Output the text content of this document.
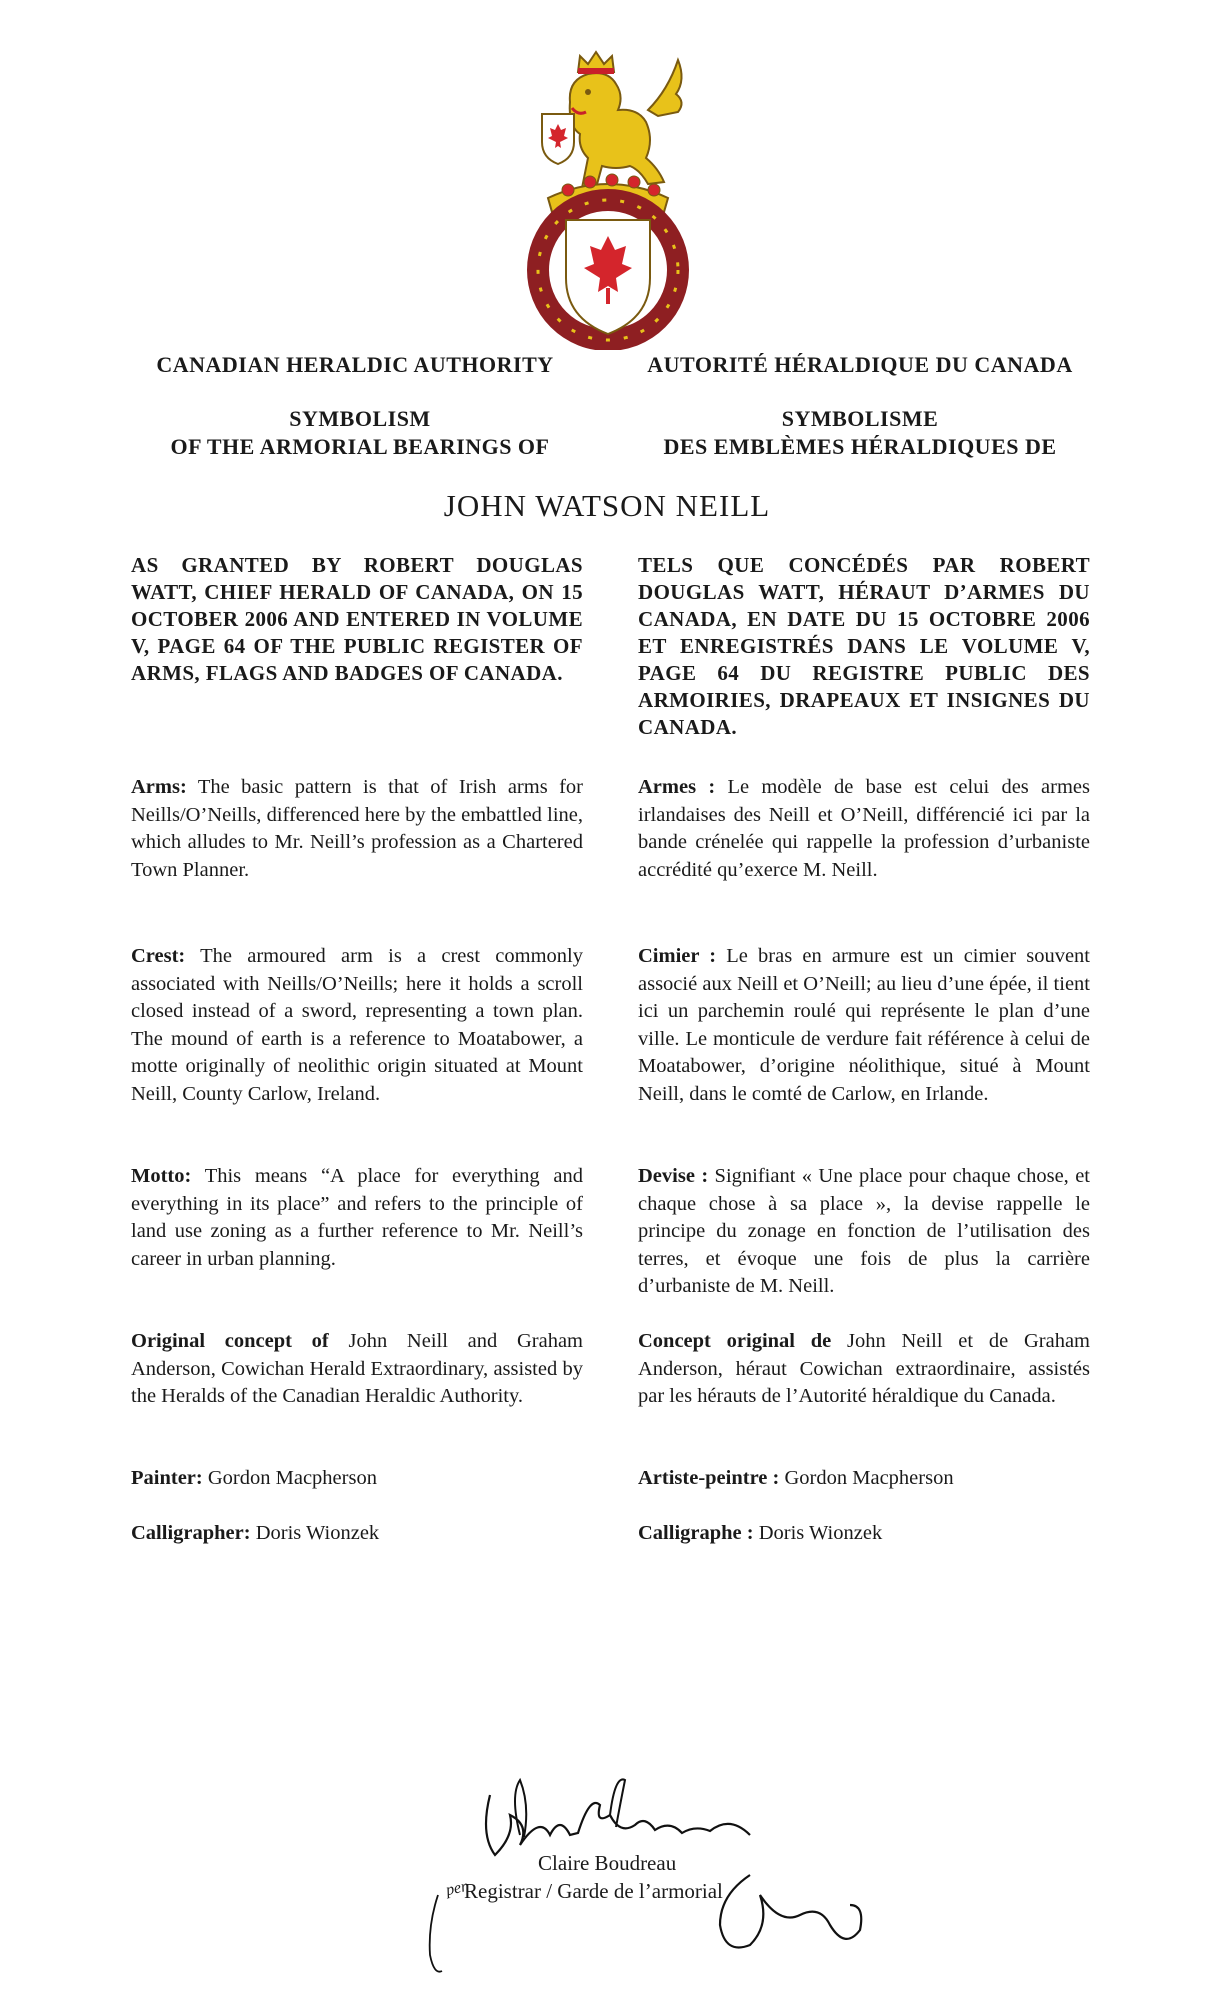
CANADIAN HERALDIC AUTHORITY	AUTORITÉ HÉRALDIQUE DU CANADA
SYMBOLISM
OF THE ARMORIAL BEARINGS OF
SYMBOLISME
DES EMBLÈMES HÉRALDIQUES DE
JOHN WATSON NEILL

AS GRANTED BY ROBERT DOUGLAS WATT, CHIEF HERALD OF CANADA, ON 15 OCTOBER 2006 AND ENTERED IN VOLUME V, PAGE 64 OF THE PUBLIC REGISTER OF ARMS, FLAGS AND BADGES OF CANADA.

Arms: The basic pattern is that of Irish arms for Neills/O’Neills, differenced here by the embattled line, which alludes to Mr. Neill’s profession as a Chartered Town Planner.

Crest: The armoured arm is a crest commonly associated with Neills/O’Neills; here it holds a scroll closed instead of a sword, representing a town plan. The mound of earth is a reference to Moatabower, a motte originally of neolithic origin situated at Mount Neill, County Carlow, Ireland.

Motto: This means “A place for everything and everything in its place” and refers to the principle of land use zoning as a further reference to Mr. Neill’s career in urban planning.

Original concept of John Neill and Graham Anderson, Cowichan Herald Extraordinary, assisted by the Heralds of the Canadian Heraldic Authority.

Painter: Gordon Macpherson

Calligrapher: Doris Wionzek

TELS QUE CONCÉDÉS PAR ROBERT DOUGLAS WATT, HÉRAUT D’ARMES DU CANADA, EN DATE DU 15 OCTOBRE 2006 ET ENREGISTRÉS DANS LE VOLUME V, PAGE 64 DU REGISTRE PUBLIC DES ARMOIRIES, DRAPEAUX ET INSIGNES DU CANADA.

Armes : Le modèle de base est celui des armes irlandaises des Neill et O’Neill, différencié ici par la bande crénelée qui rappelle la profession d’urbaniste accrédité qu’exerce M. Neill.

Cimier : Le bras en armure est un cimier souvent associé aux Neill et O’Neill; au lieu d’une épée, il tient ici un parchemin roulé qui représente le plan d’une ville. Le monticule de verdure fait référence à celui de Moatabower, d’origine néolithique, situé à Mount Neill, dans le comté de Carlow, en Irlande.

Devise : Signifiant « Une place pour chaque chose, et chaque chose à sa place », la devise rappelle le principe du zonage en fonction de l’utilisation des terres, et évoque une fois de plus la carrière d’urbaniste de M. Neill.

Concept original de John Neill et de Graham Anderson, héraut Cowichan extraordinaire, assistés par les hérauts de l’Autorité héraldique du Canada.

Artiste-peintre : Gordon Macpherson

Calligraphe : Doris Wionzek

per
Claire Boudreau
Registrar / Garde de l’armorial
